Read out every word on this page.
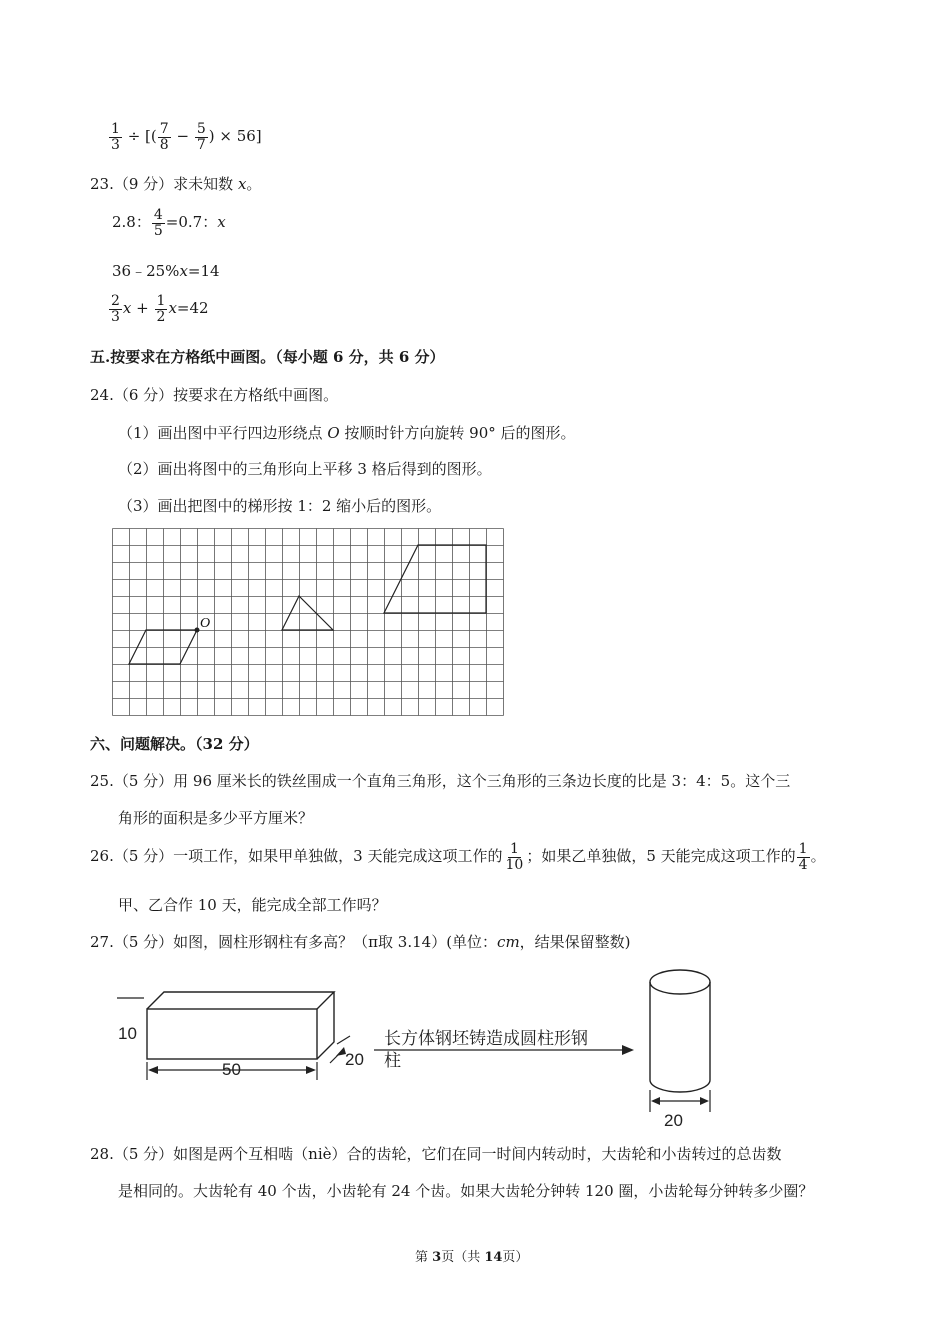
$\frac{1}{3}$ ÷ [( $\frac{7}{8} - \frac{5}{7}$ ) × 56]
23.（9 分）求未知数 x。
2.8： $\frac{4}{5} =0.7$：x
36﹣25%x=14
$\frac{2}{3}$ $x + \frac{1}{2} x=42$
五.按要求在方格纸中画图。（每小题 6 分，共 6 分）
24.（6 分）按要求在方格纸中画图。
（1）画出图中平行四边形绕点 O 按顺时针方向旋转 90° 后的图形。
（2）画出将图中的三角形向上平移 3 格后得到的图形。
（3）画出把图中的梯形按 1：2 缩小后的图形。
O
六、问题解决。（32 分）
25.（5 分）用 96 厘米长的铁丝围成一个直角三角形，这个三角形的三条边长度的比是 3：4：5。这个三
角形的面积是多少平方厘米？
26.（5 分）一项工作，如果甲单独做，3 天能完成这项工作的 $\frac{1}{10}$ ；如果乙单独做，5 天能完成这项工作的 $\frac{1}{4}$ 。
甲、乙合作 10 天，能完成全部工作吗？
27.（5 分）如图，圆柱形钢柱有多高？（π取 3.14）(单位：cm，结果保留整数)
10
50
20
长方体钢坯铸造成圆柱形钢
柱
20
28.（5 分）如图是两个互相啮（niè）合的齿轮，它们在同一时间内转动时，大齿轮和小齿转过的总齿数
是相同的。大齿轮有 40 个齿，小齿轮有 24 个齿。如果大齿轮分钟转 120 圈，小齿轮每分钟转多少圈？
第 3页（共 14页）
